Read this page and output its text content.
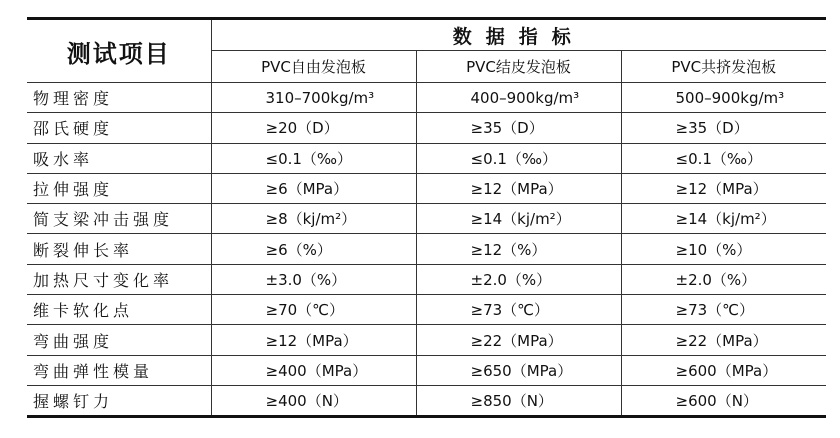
测试项目	数据指标		
	PVC自由发泡板	PVC结皮发泡板	PVC共挤发泡板
物理密度	310–700kg/m³	400–900kg/m³	500–900kg/m³
邵氏硬度	≥20（D）	≥35（D）	≥35（D）
吸水率	≤0.1（‰）	≤0.1（‰）	≤0.1（‰）
拉伸强度	≥6（MPa）	≥12（MPa）	≥12（MPa）
简支梁冲击强度	≥8（kj/m²）	≥14（kj/m²）	≥14（kj/m²）
断裂伸长率	≥6（%）	≥12（%）	≥10（%）
加热尺寸变化率	±3.0（%）	±2.0（%）	±2.0（%）
维卡软化点	≥70（℃）	≥73（℃）	≥73（℃）
弯曲强度	≥12（MPa）	≥22（MPa）	≥22（MPa）
弯曲弹性模量	≥400（MPa）	≥650（MPa）	≥600（MPa）
握螺钉力	≥400（N）	≥850（N）	≥600（N）
